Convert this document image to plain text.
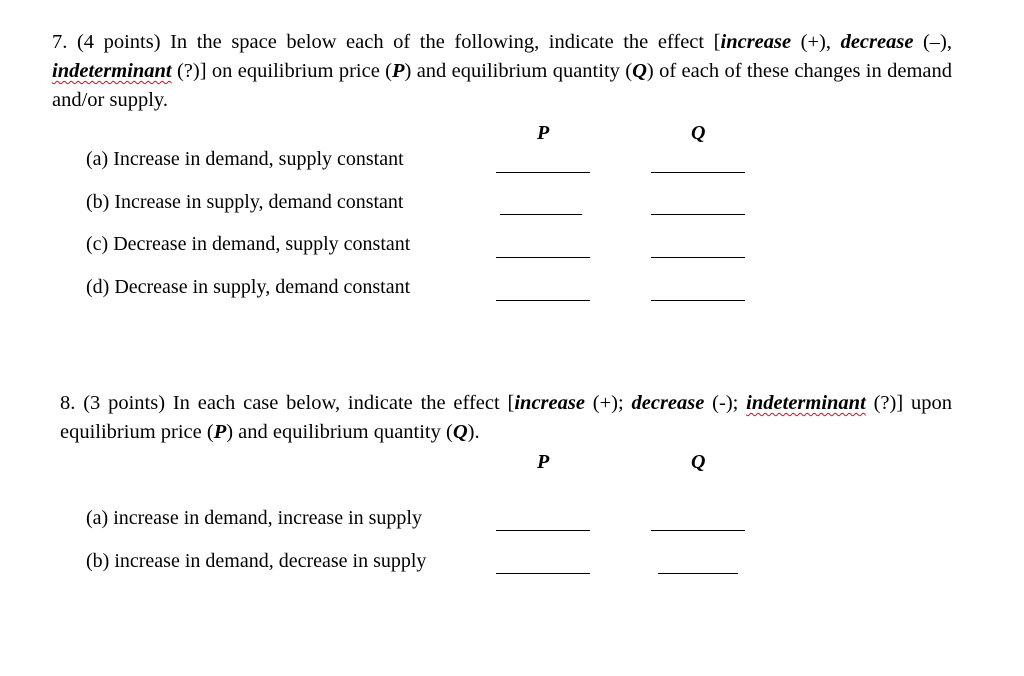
7. (4 points) In the space below each of the following, indicate the effect [increase (+), decrease (–), indeterminant (?)] on equilibrium price (P) and equilibrium quantity (Q) of each of these changes in demand and/or supply.
P	Q
(a) Increase in demand, supply constant
(b) Increase in supply, demand constant
(c) Decrease in demand, supply constant
(d) Decrease in supply, demand constant
8. (3 points) In each case below, indicate the effect [increase (+); decrease (-); indeterminant (?)] upon equilibrium price (P) and equilibrium quantity (Q).
P	Q
(a) increase in demand, increase in supply
(b) increase in demand, decrease in supply
